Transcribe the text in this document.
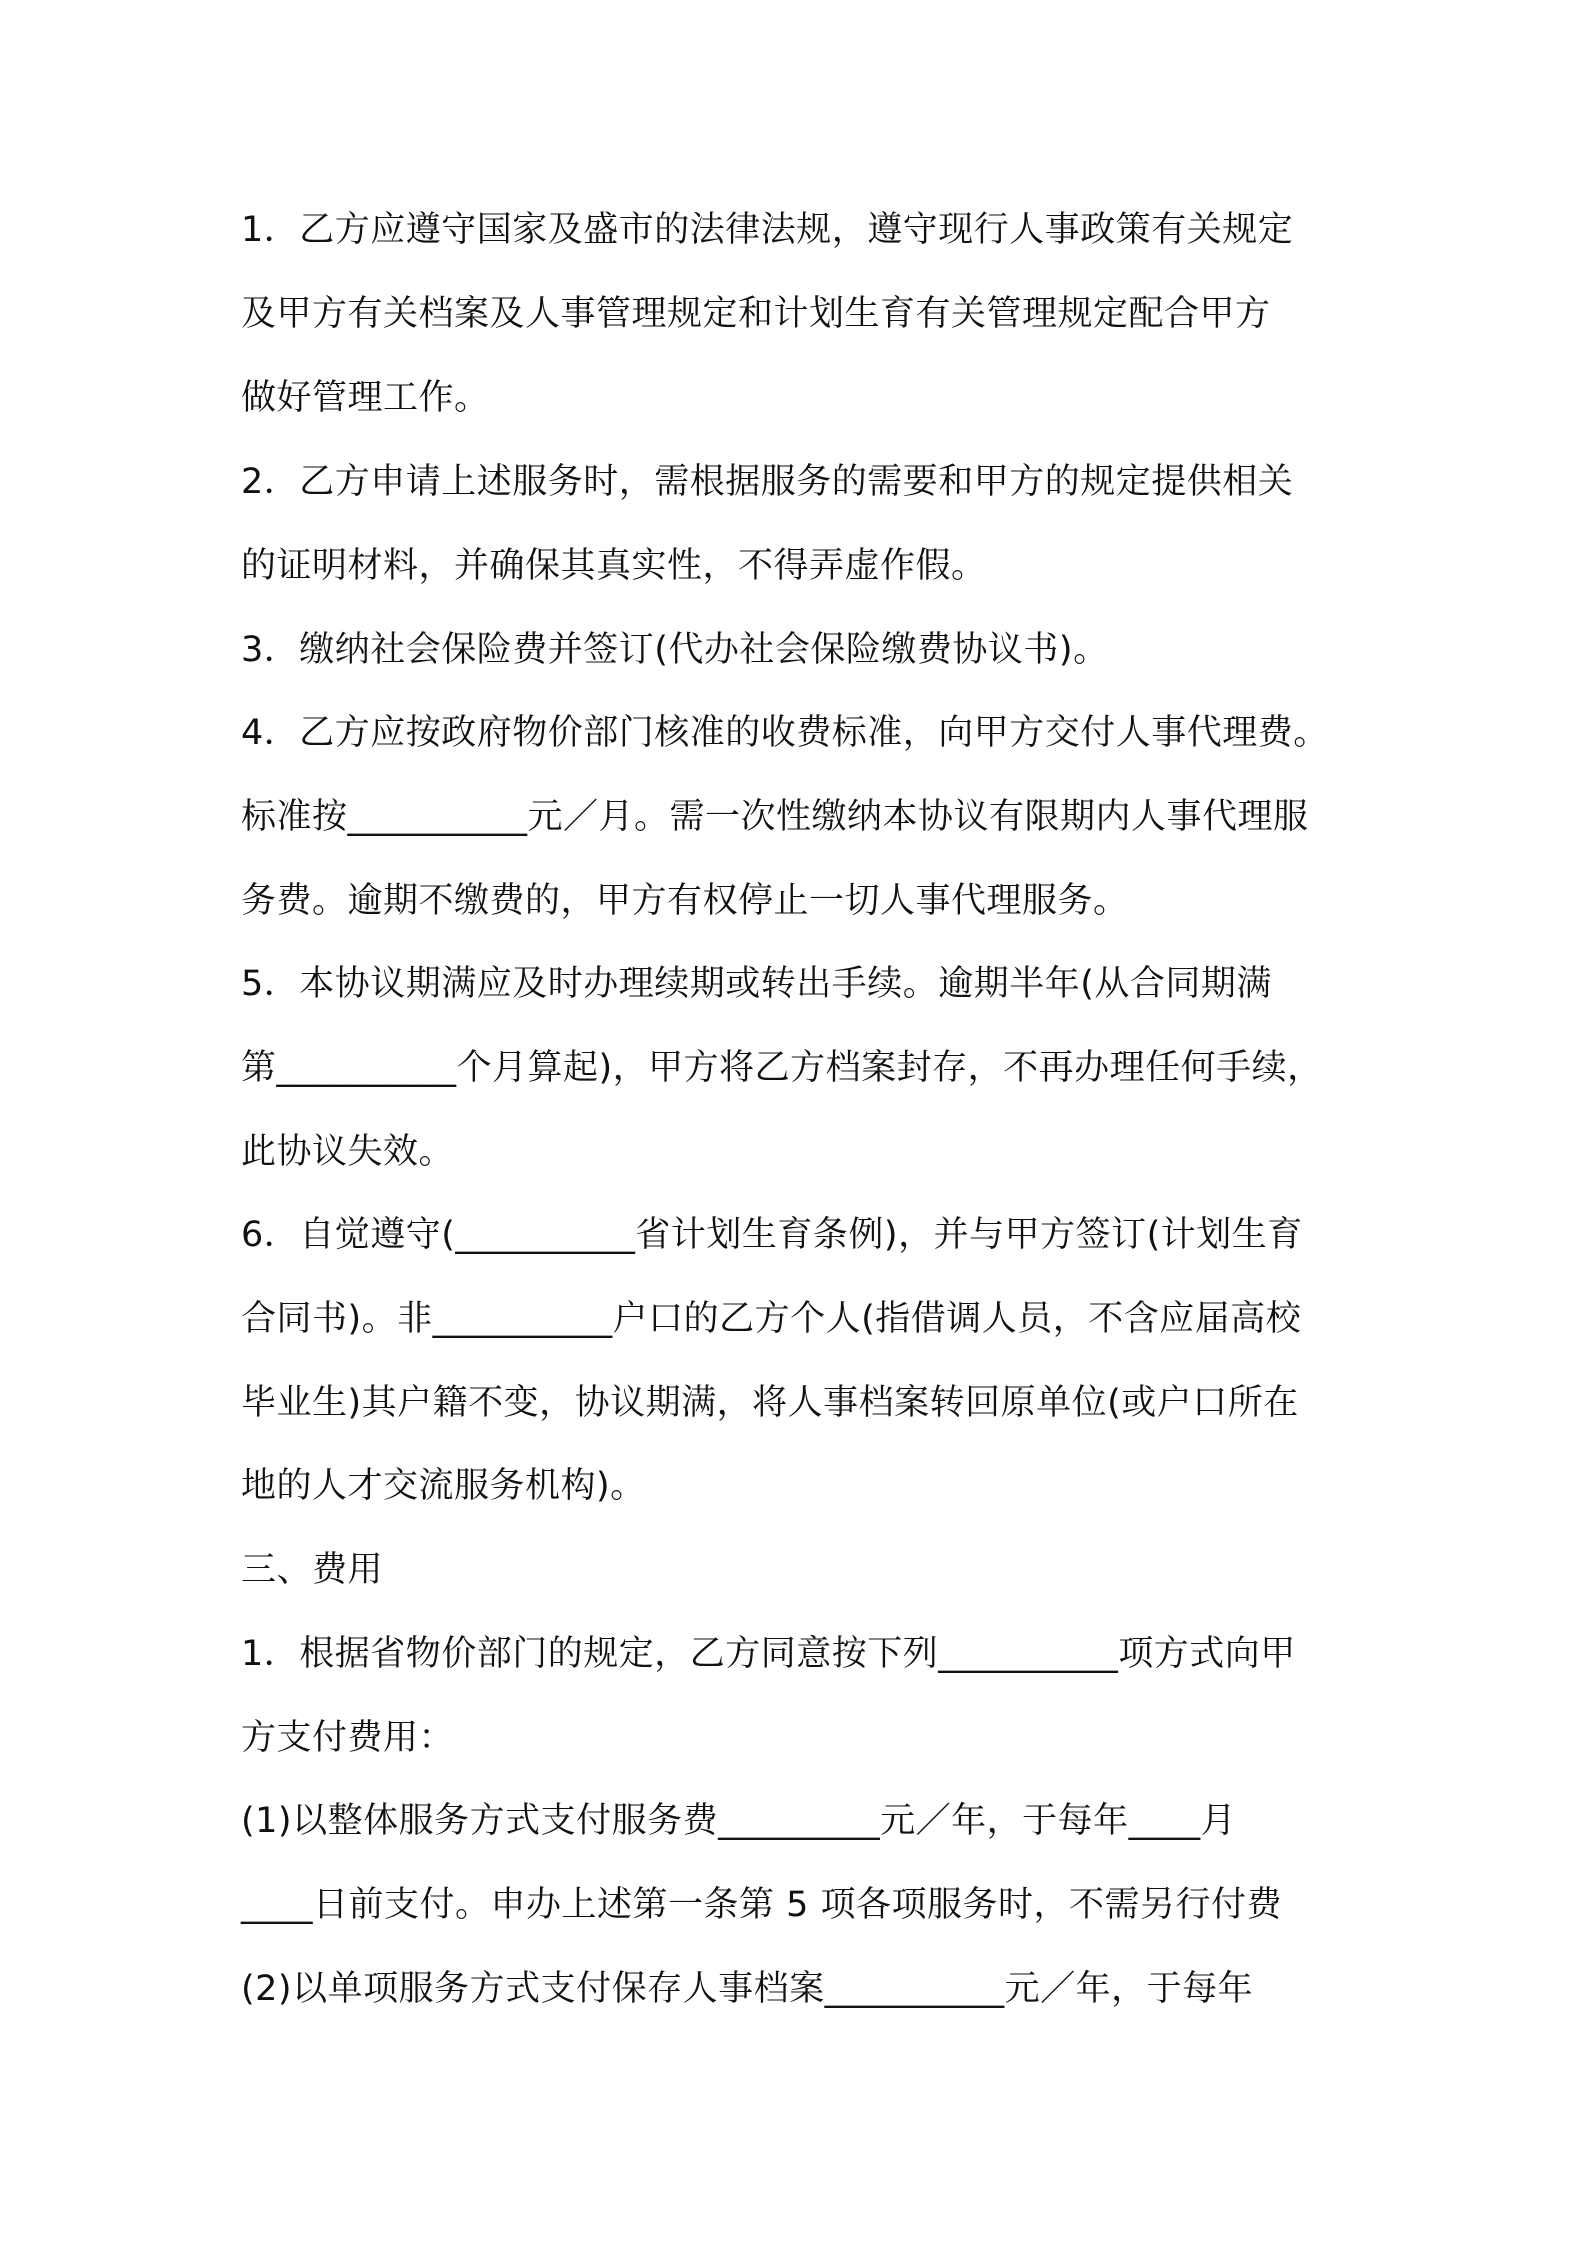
1．乙方应遵守国家及盛市的法律法规，遵守现行人事政策有关规定
及甲方有关档案及人事管理规定和计划生育有关管理规定配合甲方
做好管理工作。
2．乙方申请上述服务时，需根据服务的需要和甲方的规定提供相关
的证明材料，并确保其真实性，不得弄虚作假。
3．缴纳社会保险费并签订(代办社会保险缴费协议书)。
4．乙方应按政府物价部门核准的收费标准，向甲方交付人事代理费。
标准按__________元／月。需一次性缴纳本协议有限期内人事代理服
务费。逾期不缴费的，甲方有权停止一切人事代理服务。
5．本协议期满应及时办理续期或转出手续。逾期半年(从合同期满
第__________个月算起)，甲方将乙方档案封存，不再办理任何手续，
此协议失效。
6．自觉遵守(__________省计划生育条例)，并与甲方签订(计划生育
合同书)。非__________户口的乙方个人(指借调人员，不含应届高校
毕业生)其户籍不变，协议期满，将人事档案转回原单位(或户口所在
地的人才交流服务机构)。
三、费用
1．根据省物价部门的规定，乙方同意按下列__________项方式向甲
方支付费用：
(1)以整体服务方式支付服务费_________元／年，于每年____月
____日前支付。申办上述第一条第 5 项各项服务时，不需另行付费
(2)以单项服务方式支付保存人事档案__________元／年，于每年
